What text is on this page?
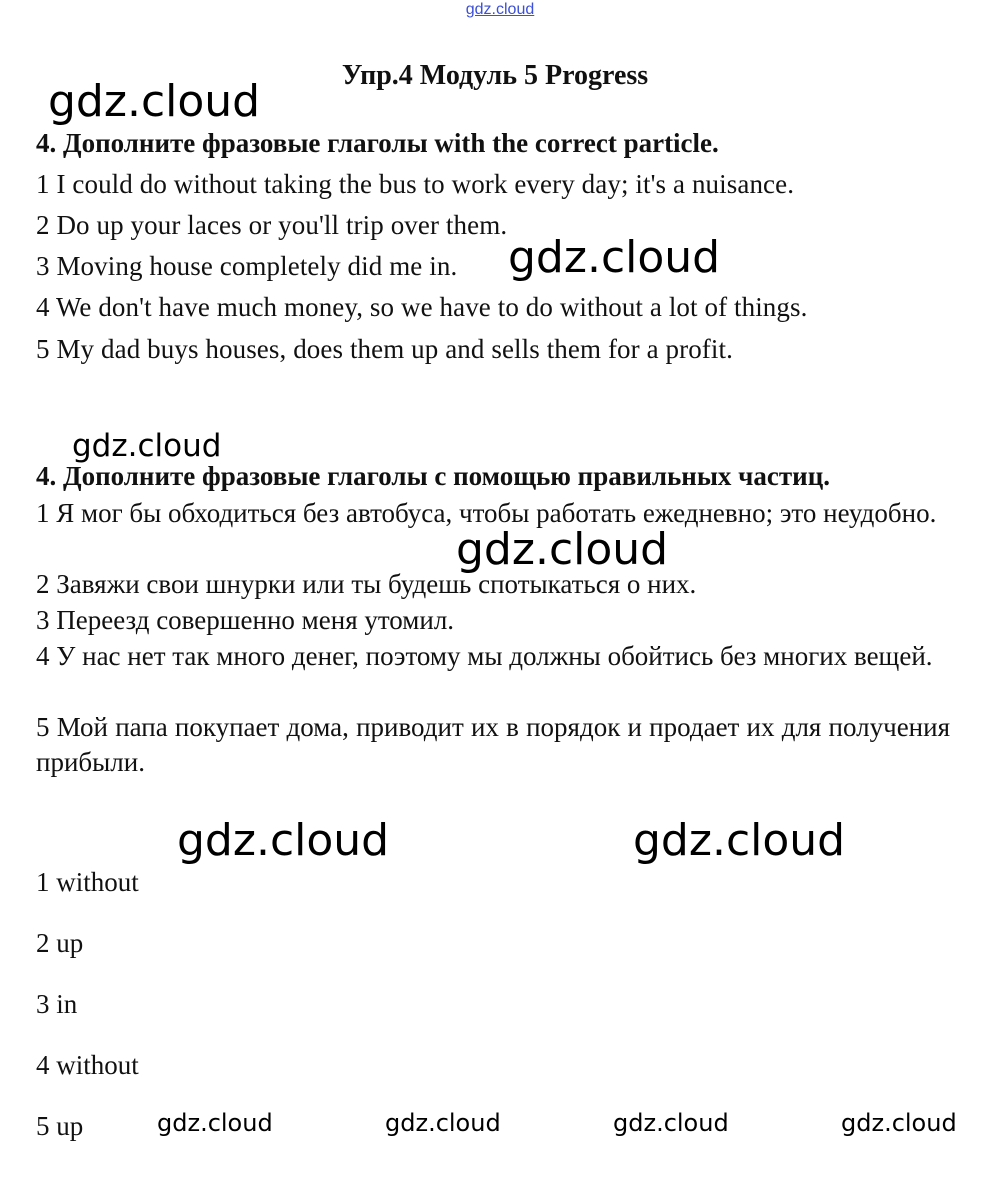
gdz.cloud
Упр.4 Модуль 5 Progress
4. Дополните фразовые глаголы with the correct particle.
1 I could do without taking the bus to work every day; it's a nuisance.
2 Do up your laces or you'll trip over them.
3 Moving house completely did me in.
4 We don't have much money, so we have to do without a lot of things.
5 My dad buys houses, does them up and sells them for a profit.
4. Дополните фразовые глаголы с помощью правильных частиц.
1 Я мог бы обходиться без автобуса, чтобы работать ежедневно; это неудобно.
2 Завяжи свои шнурки или ты будешь спотыкаться о них.
3 Переезд совершенно меня утомил.
4 У нас нет так много денег, поэтому мы должны обойтись без многих вещей.
5 Мой папа покупает дома, приводит их в порядок и продает их для получения прибыли.
1 without
2 up
3 in
4 without
5 up
gdz.cloud
gdz.cloud
gdz.cloud
gdz.cloud
gdz.cloud	gdz.cloud
gdz.cloud	gdz.cloud	gdz.cloud	gdz.cloud
